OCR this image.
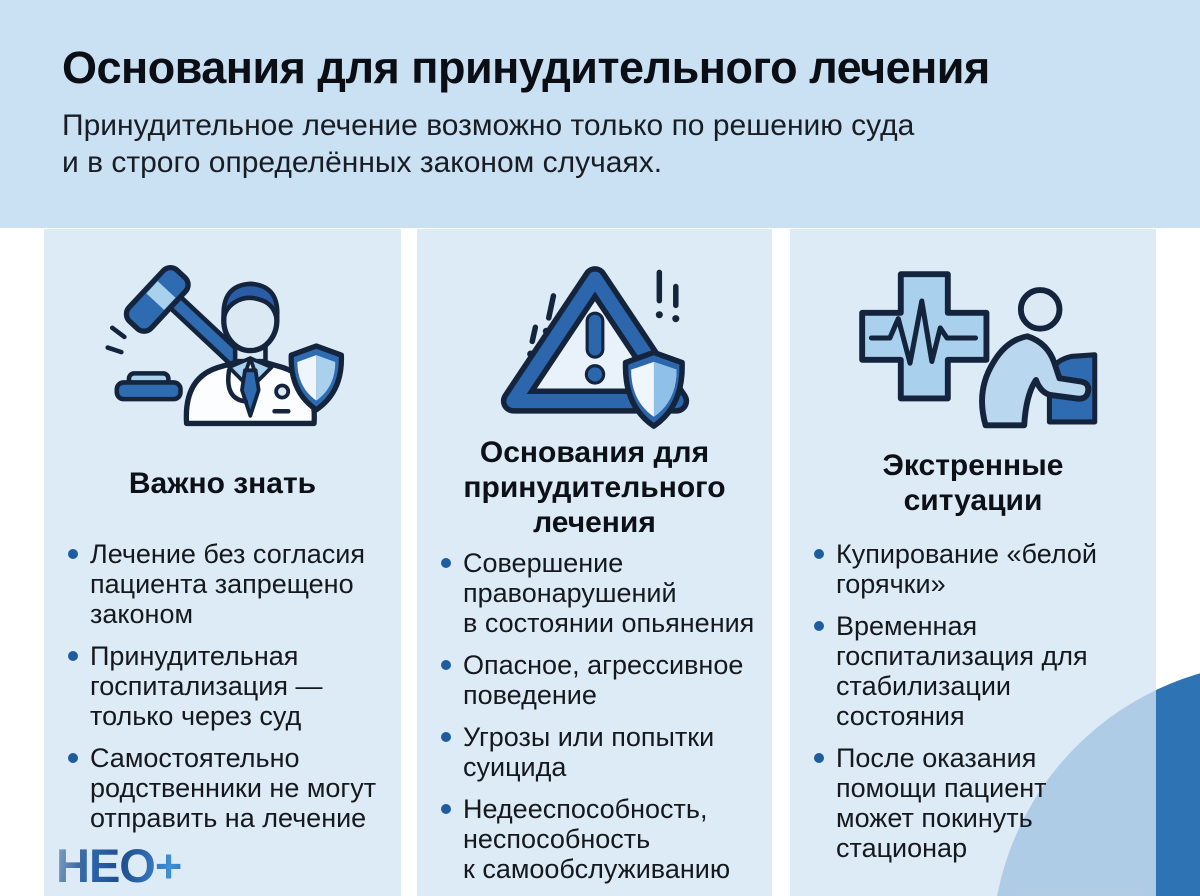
Основания для принудительного лечения

Принудительное лечение возможно только по решению суда
и в строго определённых законом случаях.

Важно знать
Лечение без согласия пациента запрещено законом
Принудительная госпитализация — только через суд
Самостоятельно родственники не могут отправить на лечение
Основания для принудительного лечения
Совершение правонарушений в состоянии опьянения
Опасное, агрессивное поведение
Угрозы или попытки суицида
Недееспособность, неспособность к самообслуживанию
Экстренные ситуации
Купирование «белой горячки»
Временная госпитализация для стабилизации состояния
После оказания помощи пациент может покинуть стационар
НЕО+
